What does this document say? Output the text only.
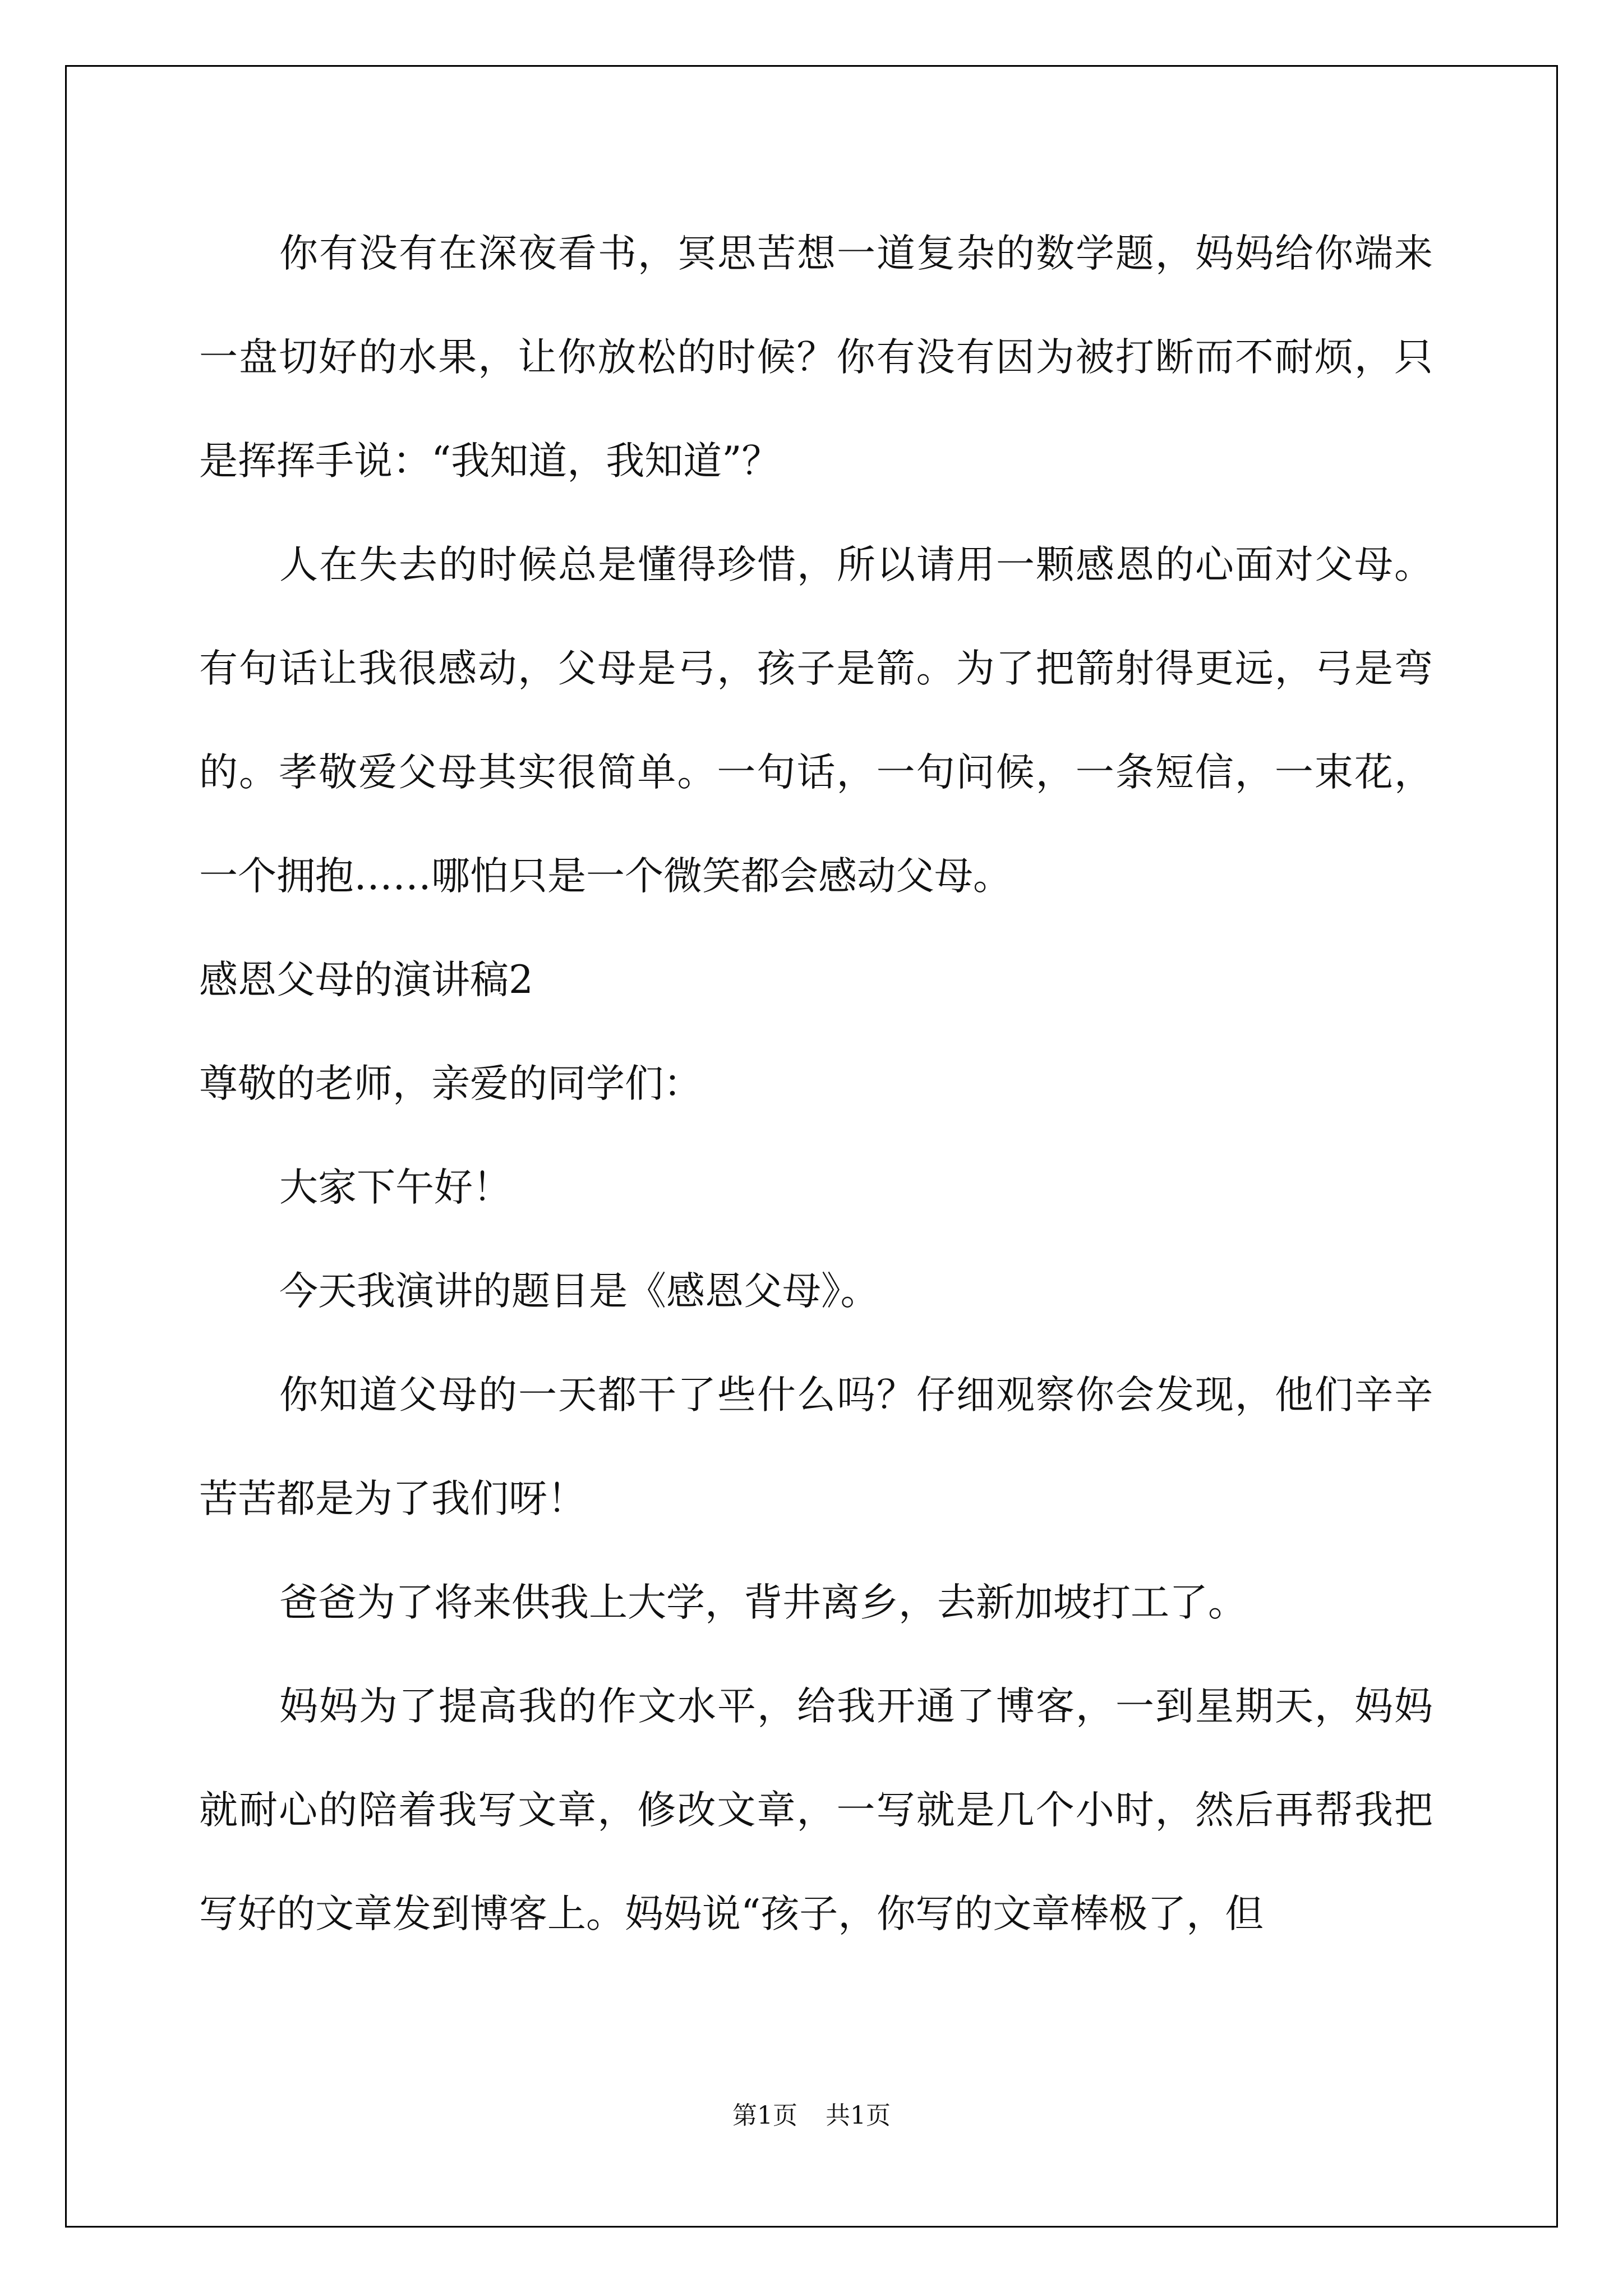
你有没有在深夜看书，冥思苦想一道复杂的数学题，妈妈给你端来一盘切好的水果，让你放松的时候？你有没有因为被打断而不耐烦，只是挥挥手说：“我知道，我知道”？

人在失去的时候总是懂得珍惜，所以请用一颗感恩的心面对父母。有句话让我很感动，父母是弓，孩子是箭。为了把箭射得更远，弓是弯的。孝敬爱父母其实很简单。一句话，一句问候，一条短信，一束花，一个拥抱……哪怕只是一个微笑都会感动父母。

感恩父母的演讲稿2

尊敬的老师，亲爱的同学们：

大家下午好！

今天我演讲的题目是《感恩父母》。

你知道父母的一天都干了些什么吗？仔细观察你会发现，他们辛辛苦苦都是为了我们呀！

爸爸为了将来供我上大学，背井离乡，去新加坡打工了。

妈妈为了提高我的作文水平，给我开通了博客，一到星期天，妈妈就耐心的陪着我写文章，修改文章，一写就是几个小时，然后再帮我把写好的文章发到博客上。妈妈说“孩子，你写的文章棒极了，但

第1页 共1页
